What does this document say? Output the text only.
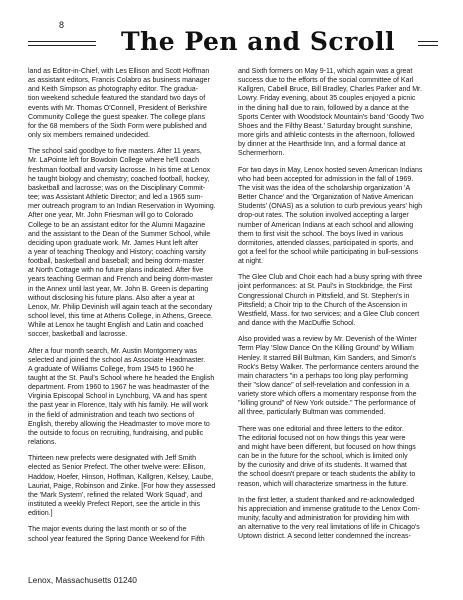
8
The Pen and Scroll

land as Editor-in-Chief, with Les Ellison and Scott Hoffman
as assistant editors, Francis Colabro as business manager
and Keith Simpson as photography editor. The gradua-
tion weekend schedule featured the standard two days of
events with Mr. Thomas O'Connell, President of Berkshire
Community College the guest speaker. The college plans
for the 68 members of the Sixth Form were published and
only six members remained undecided.

The school said goodbye to five masters. After 11 years,
Mr. LaPointe left for Bowdoin College where he'll coach
freshman football and varsity lacrosse. In his time at Lenox
he taught biology and chemistry; coached football, hockey,
basketball and lacrosse; was on the Disciplinary Commit-
tee; was Assistant Athletic Director; and led a 1965 sum-
mer outreach program to an Indian Reservation in Wyoming.
After one year, Mr. John Friesman will go to Colorado
College to be an assistant editor for the Alumni Magazine
and the assistant to the Dean of the Summer School, while
deciding upon graduate work. Mr. James Hunt left after
a year of teaching Theology and History; coaching varsity
football, basketball and baseball; and being dorm-master
at North Cottage with no future plans indicated. After five
years teaching German and French and being dorm-master
in the Annex until last year, Mr. John B. Green is departing
without disclosing his future plans. Also after a year at
Lenox, Mr. Philip Devinish will again teach at the secondary
school level, this time at Athens College, in Athens, Greece.
While at Lenox he taught English and Latin and coached
soccer, basketball and lacrosse.

After a four month search, Mr. Austin Montgomery was
selected and joined the school as Associate Headmaster.
A graduate of Williams College, from 1945 to 1960 he
taught at the St. Paul's School where he headed the English
department. From 1960 to 1967 he was headmaster of the
Virginia Episcopal School in Lynchburg, VA and has spent
the past year in Florence, Italy with his family. He will work
in the field of administration and teach two sections of
English, thereby allowing the Headmaster to move more to
the outside to focus on recruiting, fundraising, and public
relations.

Thirteen new prefects were designated with Jeff Smith
elected as Senior Prefect. The other twelve were: Ellison,
Haddow, Hoefer, Hinson, Hoffman, Kallgren, Kelsey, Laube,
Lauriat, Paige, Robinson and Zinke. [For how they assessed
the 'Mark System', refined the related 'Work Squad', and
instituted a weekly Prefect Report, see the article in this
edition.]

The major events during the last month or so of the
school year featured the Spring Dance Weekend for Fifth

and Sixth formers on May 9-11, which again was a great
success due to the efforts of the social committee of Karl
Kallgren, Cabell Bruce, Bill Bradley, Charles Parker and Mr.
Lowry. Friday evening, about 35 couples enjoyed a picnic
in the dining hall due to rain, followed by a dance at the
Sports Center with Woodstock Mountain's band 'Goody Two
Shoes and the Filthy Beast.' Saturday brought sunshine,
more girls and athletic contests in the afternoon, followed
by dinner at the Hearthside Inn, and a formal dance at
Schermerhorn.

For two days in May, Lenox hosted seven American Indians
who had been accepted for admission in the fall of 1969.
The visit was the idea of the scholarship organization 'A
Better Chance' and the 'Organization of Native American
Students' (ONAS) as a solution to curb previous years' high
drop-out rates. The solution involved accepting a larger
number of American Indians at each school and allowing
them to first visit the school. The boys lived in various
dormitories, attended classes, participated in sports, and
got a feel for the school while participating in bull-sessions
at night.

The Glee Club and Choir each had a busy spring with three
joint performances: at St. Paul's in Stockbridge, the First
Congressional Church in Pittsfield, and St. Stephen's in
Pittsfield; a Choir trip to the Church of the Ascension in
Westfield, Mass. for two services; and a Glee Club concert
and dance with the MacDuffie School.

Also provided was a review by Mr. Devenish of the Winter
Term Play 'Slow Dance On the Killing Ground' by William
Henley. It starred Bill Bultman, Kim Sanders, and Simon's
Rock's Betsy Walker. The performance centers around the
main characters "in a perhaps too long play performing
their "slow dance" of self-revelation and confession in a
variety store which offers a momentary response from the
"killing ground" of New York outside." The performance of
all three, particularly Bultman was commended.

There was one editorial and three letters to the editor.
The editorial focused not on how things this year were
and might have been different, but focused on how things
can be in the future for the school, which is limited only
by the curiosity and drive of its students. It warned that
the school doesn't prepare or teach students the ability to
reason, which will characterize smartness in the future.

In the first letter, a student thanked and re-acknowledged
his appreciation and immense gratitude to the Lenox Com-
munity, faculty and administration for providing him with
an alternative to the very real limitations of life in Chicago's
Uptown district. A second letter condemned the increas-

Lenox, Massachusetts 01240
